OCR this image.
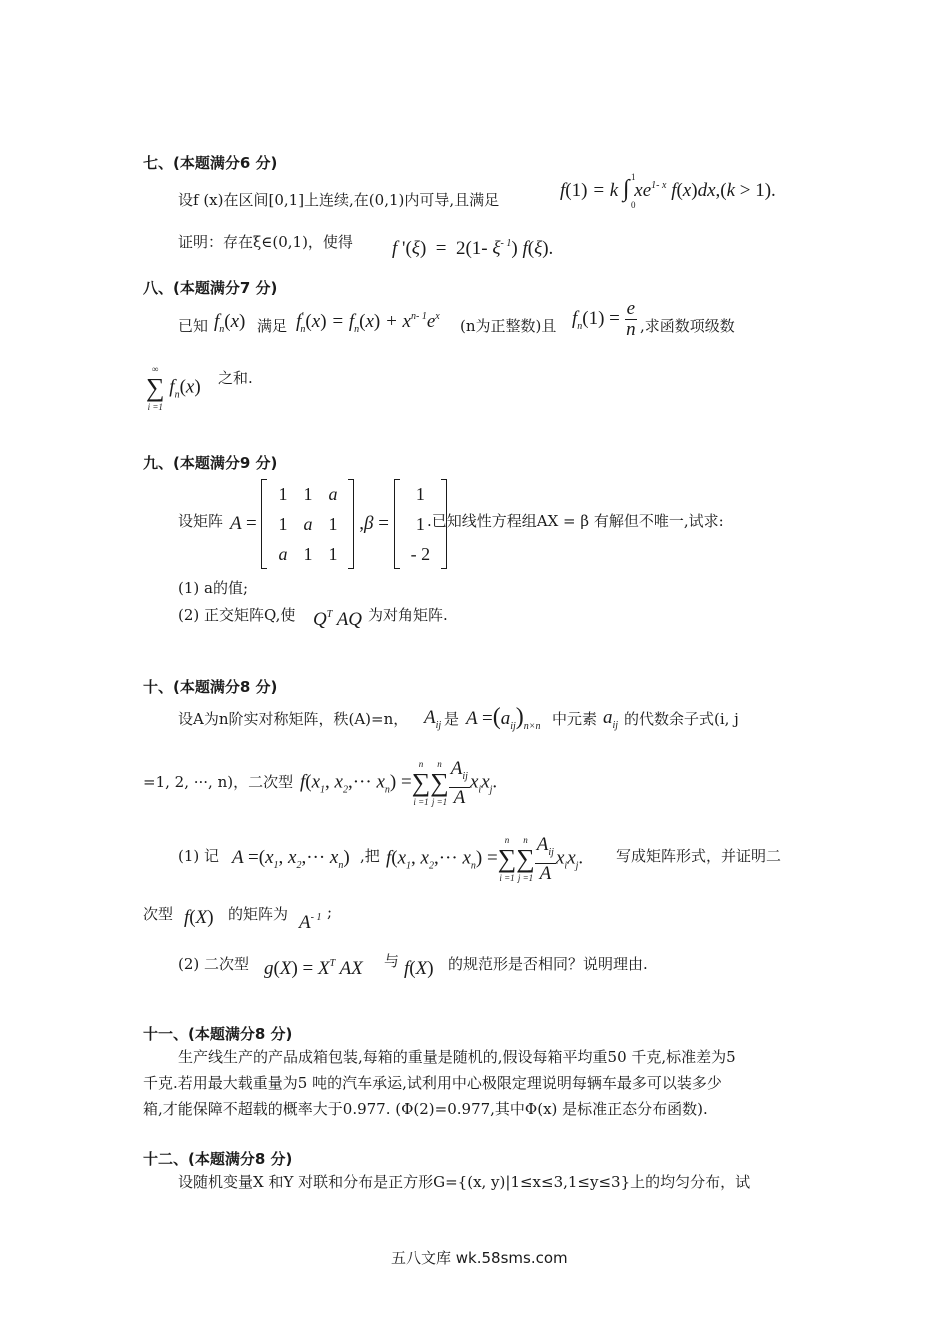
七、(本题满分6 分)
设f (x)在区间[0,1]上连续,在(0,1)内可导,且满足	f(1) = k ∫ 1
0
$xe^{1- x}$ f(x)dx,(k > 1).
证明：存在ξ∈(0,1)，使得 f '(ξ)  =  2(1- $\xi^{- 1}$) f(ξ).
八、(本题满分7 分)
已知 $f_n(x)$ 满足 $f'_n(x) = f_n(x) + x^{n- 1}e^x$
(n为正整数)且 $f_n(1) = \frac{e}{n}$ ,求函数项级数
∞
∑
i =1
$f_n(x)$ 之和.
九、(本题满分9 分)
设矩阵 A =
1	1	a
1	a	1
a	1	1
,β =
1
1
- 2
.已知线性方程组AX = β 有解但不唯一,试求:
(1) a的值;
(2) 正交矩阵Q,使 $Q^T$ AQ 为对角矩阵.
十、(本题满分8 分)
设A为n阶实对称矩阵，秩(A)=n， $A_{ij}$ 是 $A =(a_{ij})_{n\times n}$ 中元素 $a_{ij}$ 的代数余子式(i, j
=1, 2, ···, n)，二次型 $f(x_1$, $x_2,\cdot\cdot\cdot x_n$) =
n
∑
i =1
n
∑
$j =1 \frac{A_{ij}}{A} x_ix_j$.
(1) 记 $A =(x_1$, $x_2,\cdot\cdot\cdot x_n$) ,把 $f(x_1$, $x_2,\cdot\cdot\cdot x_n$) =
n
∑
i =1
n
∑
$j =1 \frac{A_{ij}}{A} x_ix_j$. 写成矩阵形式，并证明二
次型 f(X) 的矩阵为 $A^{- 1}$ ;
(2) 二次型 $g(X) = X^T$ AX 与 f(X) 的规范形是否相同？说明理由.
十一、(本题满分8 分)
生产线生产的产品成箱包装,每箱的重量是随机的,假设每箱平均重50 千克,标准差为5
千克.若用最大载重量为5 吨的汽车承运,试利用中心极限定理说明每辆车最多可以装多少
箱,才能保障不超载的概率大于0.977. (Φ(2)=0.977,其中Φ(x) 是标准正态分布函数).
十二、(本题满分8 分)
设随机变量X 和Y 对联和分布是正方形G={(x, y)|1≤x≤3,1≤y≤3}上的均匀分布，试
五八文库 wk.58sms.com
